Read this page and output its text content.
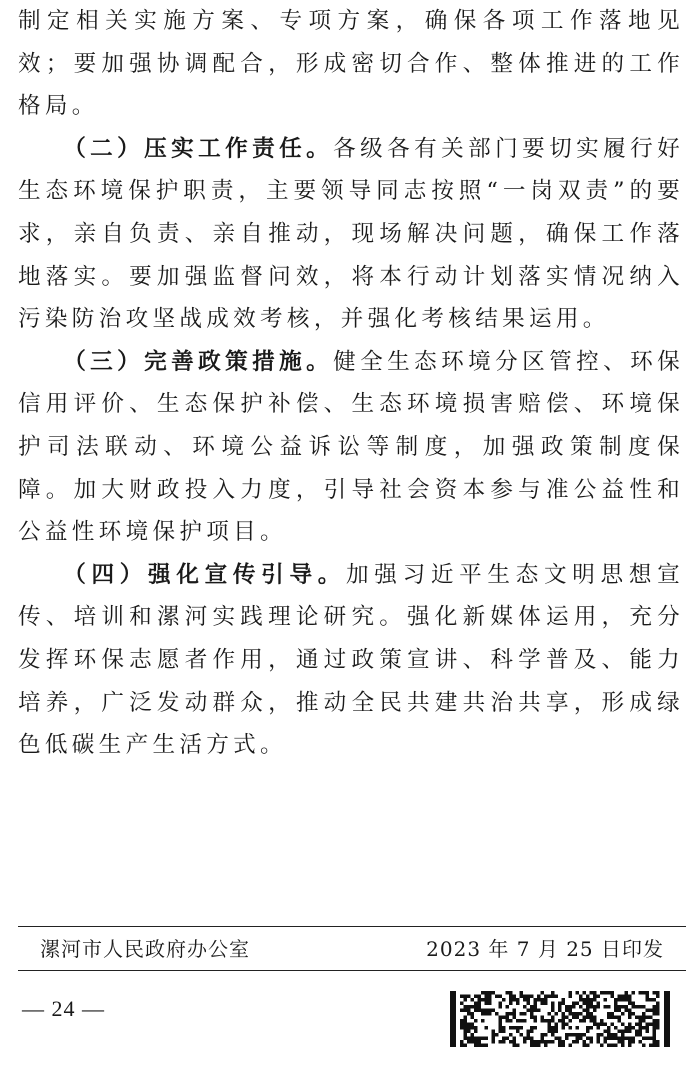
制定相关实施方案、专项方案，确保各项工作落地见效；要加强协调配合，形成密切合作、整体推进的工作格局。

（二）压实工作责任。各级各有关部门要切实履行好生态环境保护职责，主要领导同志按照“一岗双责”的要求，亲自负责、亲自推动，现场解决问题，确保工作落地落实。要加强监督问效，将本行动计划落实情况纳入污染防治攻坚战成效考核，并强化考核结果运用。

（三）完善政策措施。健全生态环境分区管控、环保信用评价、生态保护补偿、生态环境损害赔偿、环境保护司法联动、环境公益诉讼等制度，加强政策制度保障。加大财政投入力度，引导社会资本参与准公益性和公益性环境保护项目。

（四）强化宣传引导。加强习近平生态文明思想宣传、培训和漯河实践理论研究。强化新媒体运用，充分发挥环保志愿者作用，通过政策宣讲、科学普及、能力培养，广泛发动群众，推动全民共建共治共享，形成绿色低碳生产生活方式。

漯河市人民政府办公室	2023 年 7 月 25 日印发
— 24 —
